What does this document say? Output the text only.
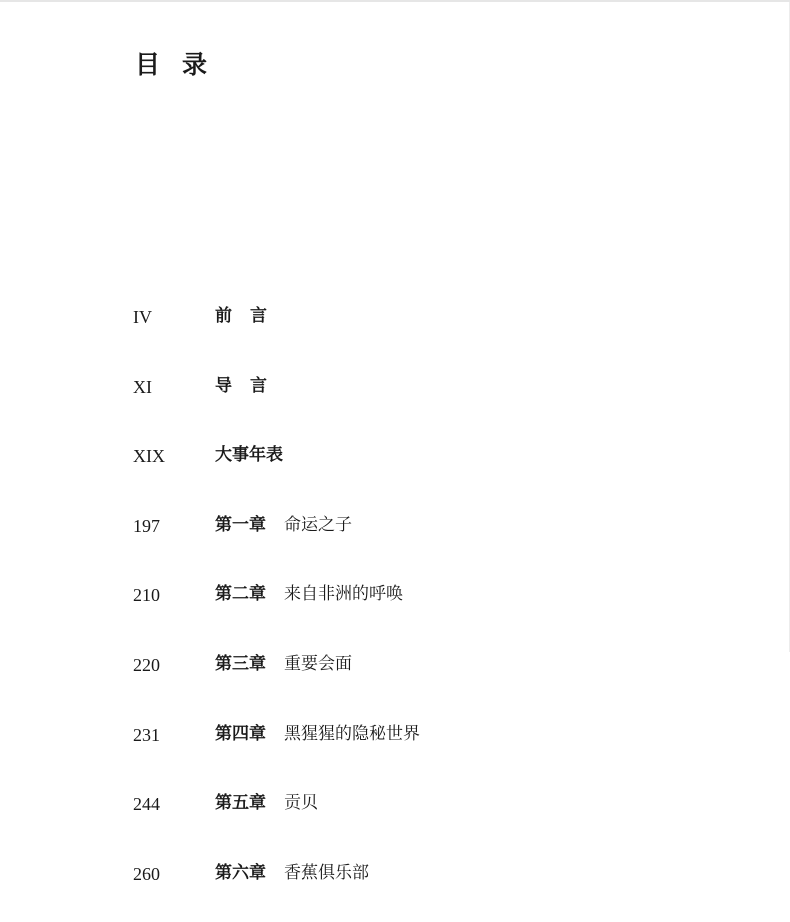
目录
IV	前言
XI	导言
XIX	大事年表
197	第一章 命运之子
210	第二章 来自非洲的呼唤
220	第三章 重要会面
231	第四章 黑猩猩的隐秘世界
244	第五章 贡贝
260	第六章 香蕉俱乐部
